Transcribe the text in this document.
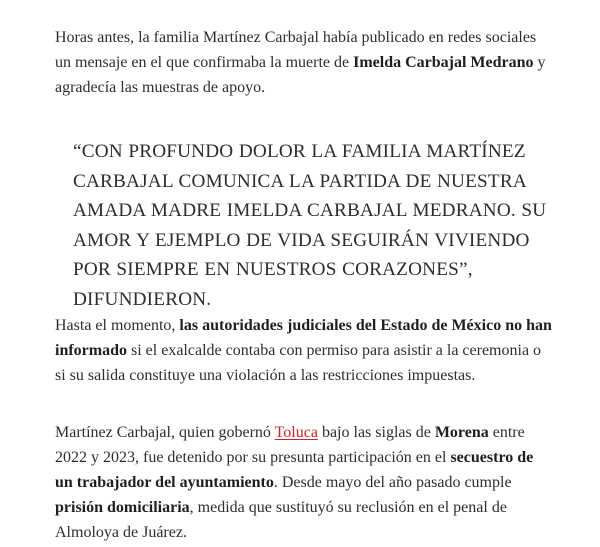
Horas antes, la familia Martínez Carbajal había publicado en redes sociales un mensaje en el que confirmaba la muerte de Imelda Carbajal Medrano y agradecía las muestras de apoyo.

“CON PROFUNDO DOLOR LA FAMILIA MARTÍNEZ CARBAJAL COMUNICA LA PARTIDA DE NUESTRA AMADA MADRE IMELDA CARBAJAL MEDRANO. SU AMOR Y EJEMPLO DE VIDA SEGUIRÁN VIVIENDO POR SIEMPRE EN NUESTROS CORAZONES”, DIFUNDIERON.

Hasta el momento, las autoridades judiciales del Estado de México no han informado si el exalcalde contaba con permiso para asistir a la ceremonia o si su salida constituye una violación a las restricciones impuestas.

Martínez Carbajal, quien gobernó Toluca bajo las siglas de Morena entre 2022 y 2023, fue detenido por su presunta participación en el secuestro de un trabajador del ayuntamiento. Desde mayo del año pasado cumple prisión domiciliaria, medida que sustituyó su reclusión en el penal de Almoloya de Juárez.
